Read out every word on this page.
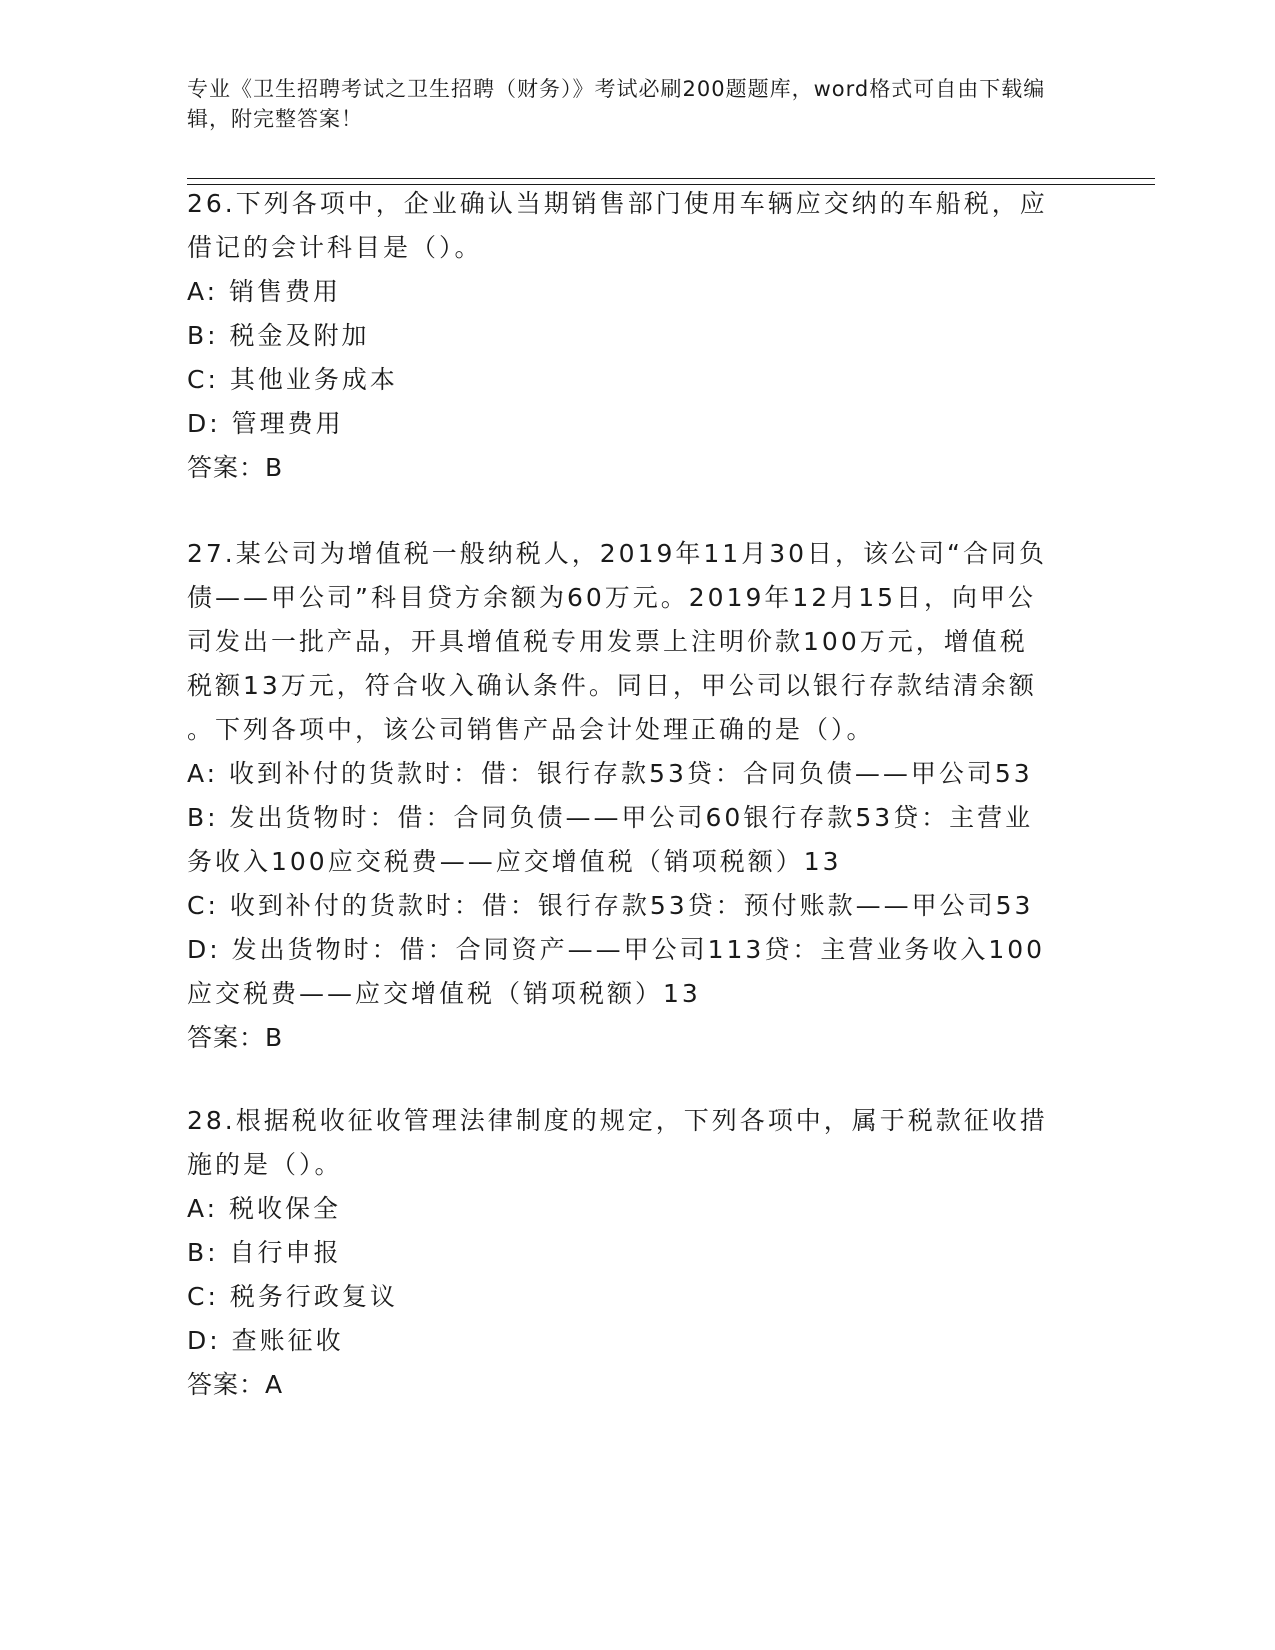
专业《卫生招聘考试之卫生招聘（财务）》考试必刷200题题库，word格式可自由下载编辑，附完整答案！
26.下列各项中，企业确认当期销售部门使用车辆应交纳的车船税，应
借记的会计科目是（）。
A: 销售费用
B: 税金及附加
C: 其他业务成本
D: 管理费用
答案：B
27.某公司为增值税一般纳税人，2019年11月30日，该公司“合同负
债——甲公司”科目贷方余额为60万元。2019年12月15日，向甲公
司发出一批产品，开具增值税专用发票上注明价款100万元，增值税
税额13万元，符合收入确认条件。同日，甲公司以银行存款结清余额
。下列各项中，该公司销售产品会计处理正确的是（）。
A: 收到补付的货款时：借：银行存款53贷：合同负债——甲公司53
B: 发出货物时：借：合同负债——甲公司60银行存款53贷：主营业
务收入100应交税费——应交增值税（销项税额）13
C: 收到补付的货款时：借：银行存款53贷：预付账款——甲公司53
D: 发出货物时：借：合同资产——甲公司113贷：主营业务收入100
应交税费——应交增值税（销项税额）13
答案：B
28.根据税收征收管理法律制度的规定，下列各项中，属于税款征收措
施的是（）。
A: 税收保全
B: 自行申报
C: 税务行政复议
D: 查账征收
答案：A
